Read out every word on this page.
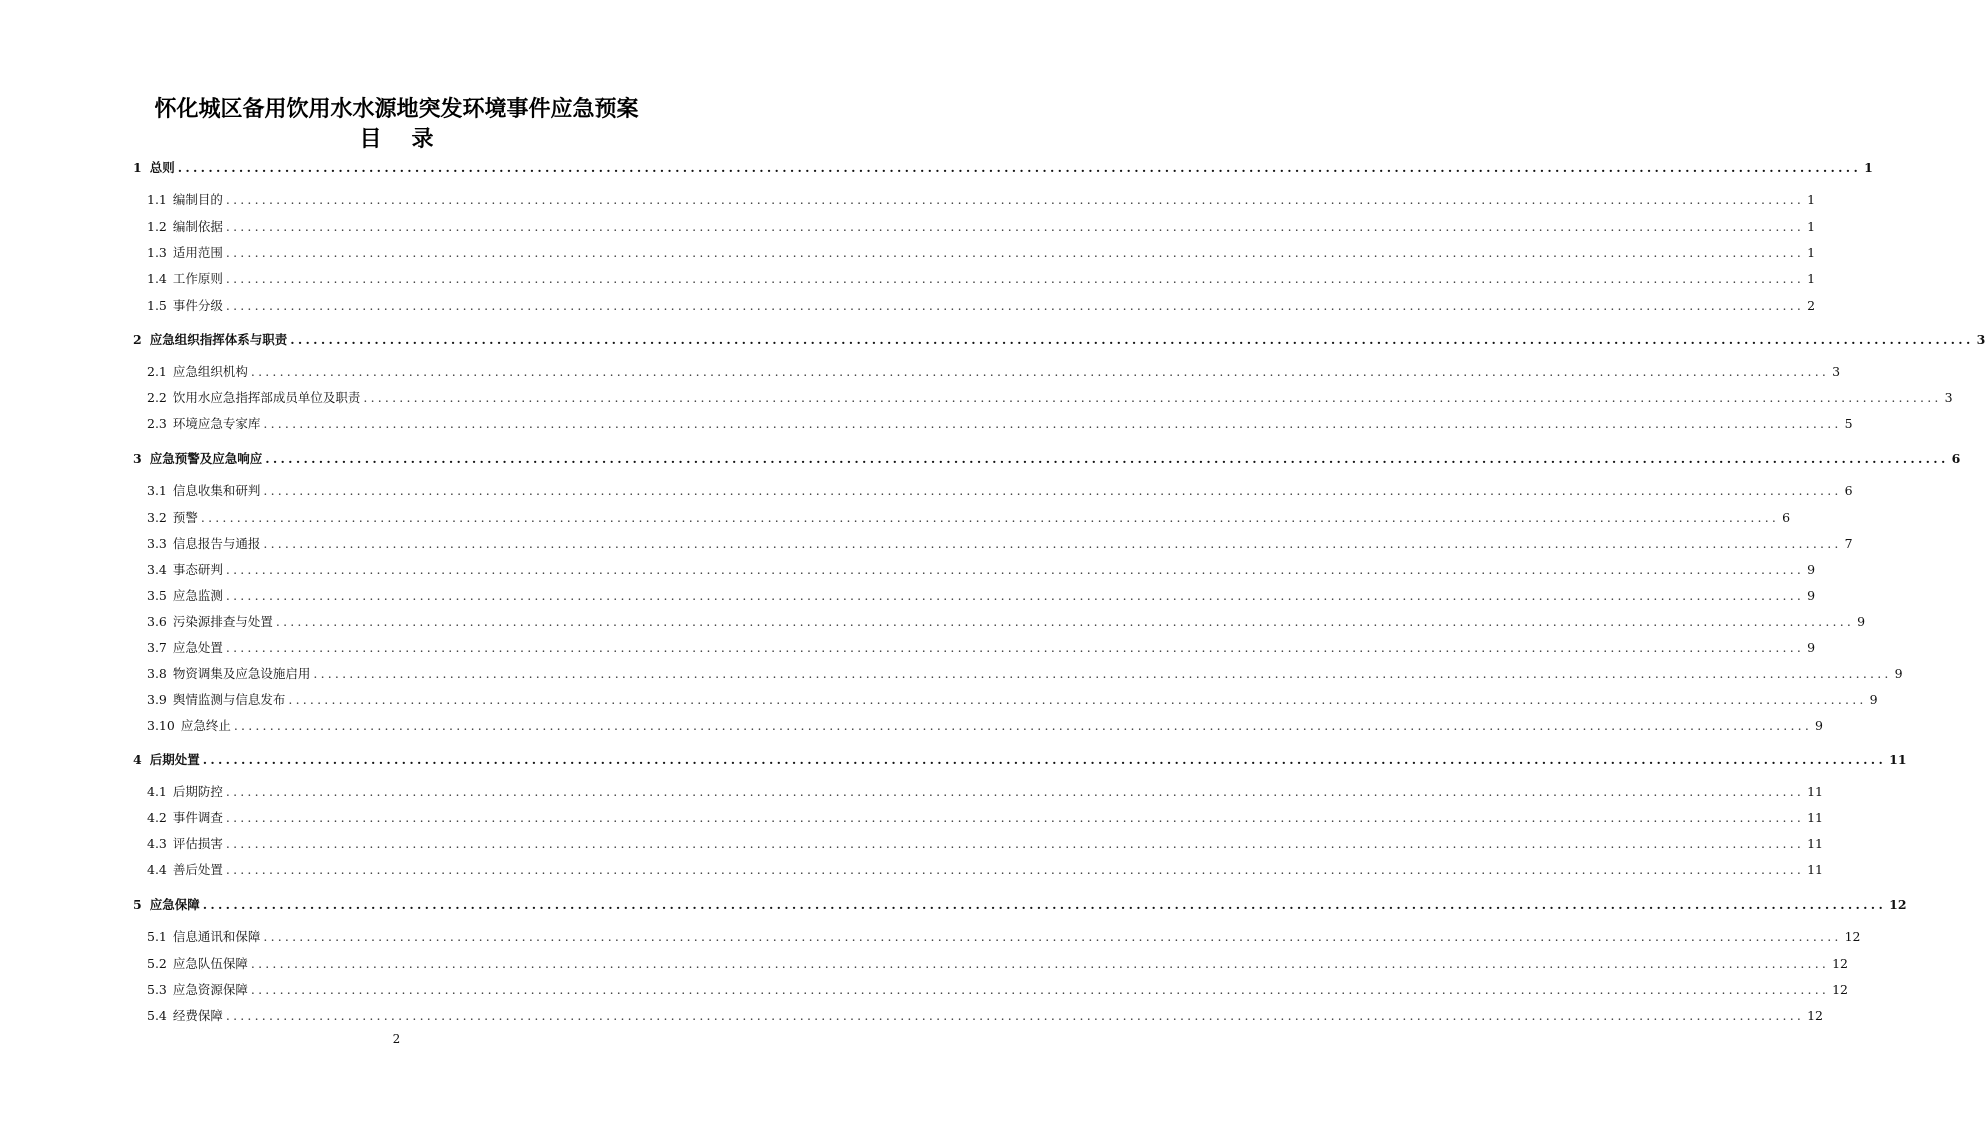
怀化城区备用饮用水水源地突发环境事件应急预案
目录
1 总则 ............................................................................................................................................................................................................................ 1
1.1 编制目的 ............................................................................................................................................................................................................................ 1
1.2 编制依据 ............................................................................................................................................................................................................................ 1
1.3 适用范围 ............................................................................................................................................................................................................................ 1
1.4 工作原则 ............................................................................................................................................................................................................................ 1
1.5 事件分级 ............................................................................................................................................................................................................................ 2
2 应急组织指挥体系与职责 ............................................................................................................................................................................................................................ 3
2.1 应急组织机构 ............................................................................................................................................................................................................................ 3
2.2 饮用水应急指挥部成员单位及职责 ............................................................................................................................................................................................................................ 3
2.3 环境应急专家库 ............................................................................................................................................................................................................................ 5
3 应急预警及应急响应 ............................................................................................................................................................................................................................ 6
3.1 信息收集和研判 ............................................................................................................................................................................................................................ 6
3.2 预警 ............................................................................................................................................................................................................................ 6
3.3 信息报告与通报 ............................................................................................................................................................................................................................ 7
3.4 事态研判 ............................................................................................................................................................................................................................ 9
3.5 应急监测 ............................................................................................................................................................................................................................ 9
3.6 污染源排查与处置 ............................................................................................................................................................................................................................ 9
3.7 应急处置 ............................................................................................................................................................................................................................ 9
3.8 物资调集及应急设施启用 ............................................................................................................................................................................................................................ 9
3.9 舆情监测与信息发布 ............................................................................................................................................................................................................................ 9
3.10 应急终止 ............................................................................................................................................................................................................................ 9
4 后期处置 ............................................................................................................................................................................................................................ 11
4.1 后期防控 ............................................................................................................................................................................................................................ 11
4.2 事件调查 ............................................................................................................................................................................................................................ 11
4.3 评估损害 ............................................................................................................................................................................................................................ 11
4.4 善后处置 ............................................................................................................................................................................................................................ 11
5 应急保障 ............................................................................................................................................................................................................................ 12
5.1 信息通讯和保障 ............................................................................................................................................................................................................................ 12
5.2 应急队伍保障 ............................................................................................................................................................................................................................ 12
5.3 应急资源保障 ............................................................................................................................................................................................................................ 12
5.4 经费保障 ............................................................................................................................................................................................................................ 12
2
